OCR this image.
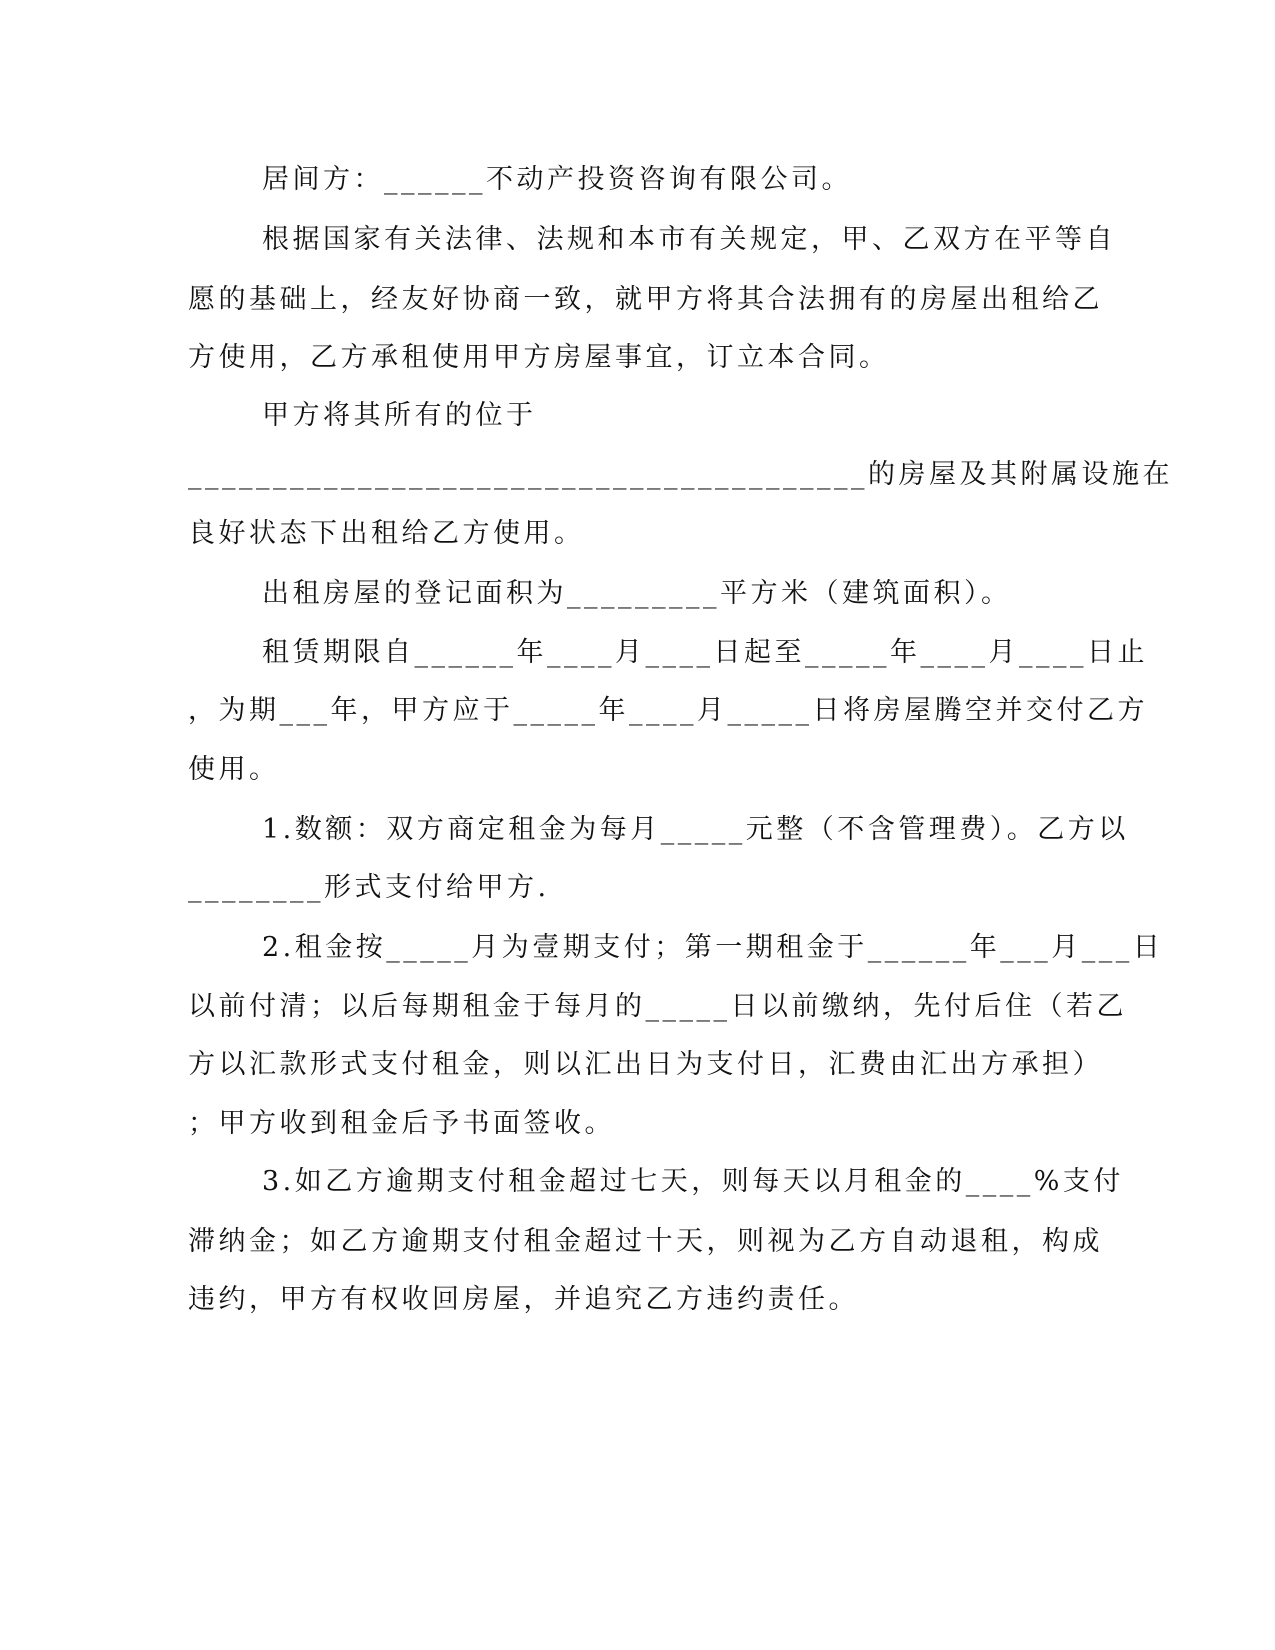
居间方：______不动产投资咨询有限公司。
根据国家有关法律、法规和本市有关规定，甲、乙双方在平等自
愿的基础上，经友好协商一致，就甲方将其合法拥有的房屋出租给乙
方使用，乙方承租使用甲方房屋事宜，订立本合同。
甲方将其所有的位于
________________________________________的房屋及其附属设施在
良好状态下出租给乙方使用。
出租房屋的登记面积为_________平方米（建筑面积）。
租赁期限自______年____月____日起至_____年____月____日止
，为期___年，甲方应于_____年____月_____日将房屋腾空并交付乙方
使用。
1.数额：双方商定租金为每月_____元整（不含管理费）。乙方以
________形式支付给甲方.
2.租金按_____月为壹期支付；第一期租金于______年___月___日
以前付清；以后每期租金于每月的_____日以前缴纳，先付后住（若乙
方以汇款形式支付租金，则以汇出日为支付日，汇费由汇出方承担）
；甲方收到租金后予书面签收。
3.如乙方逾期支付租金超过七天，则每天以月租金的____%支付
滞纳金；如乙方逾期支付租金超过十天，则视为乙方自动退租，构成
违约，甲方有权收回房屋，并追究乙方违约责任。
